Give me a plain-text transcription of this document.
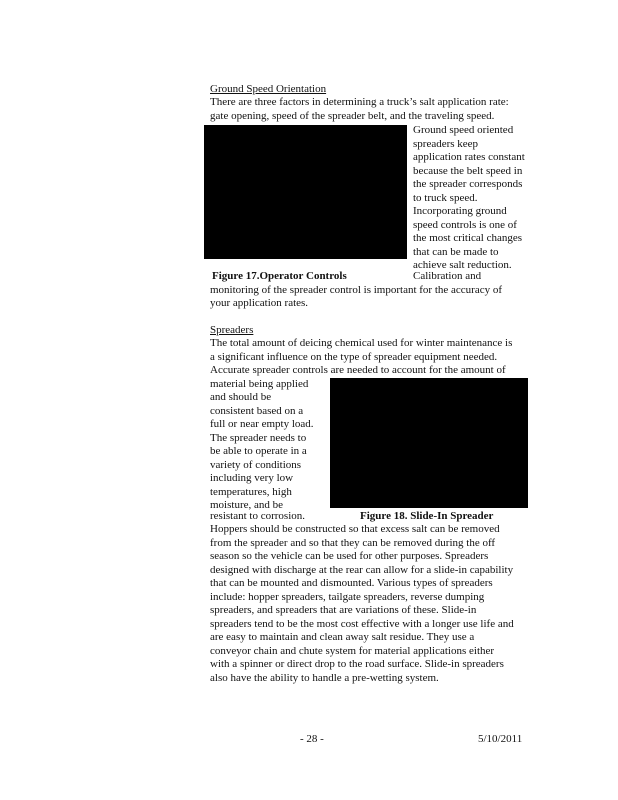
Ground Speed Orientation
There are three factors in determining a truck’s salt application rate:
gate opening, speed of the spreader belt, and the traveling speed.
Ground speed oriented
spreaders keep
application rates constant
because the belt speed in
the spreader corresponds
to truck speed.
Incorporating ground
speed controls is one of
the most critical changes
that can be made to
achieve salt reduction.
Calibration and
Figure 17.Operator Controls
monitoring of the spreader control is important for the accuracy of
your application rates.
Spreaders
The total amount of deicing chemical used for winter maintenance is
a significant influence on the type of spreader equipment needed.
Accurate spreader controls are needed to account for the amount of
material being applied
and should be
consistent based on a
full or near empty load.
The spreader needs to
be able to operate in a
variety of conditions
including very low
temperatures, high
moisture, and be
resistant to corrosion.	Figure 18. Slide-In Spreader
Hoppers should be constructed so that excess salt can be removed
from the spreader and so that they can be removed during the off
season so the vehicle can be used for other purposes. Spreaders
designed with discharge at the rear can allow for a slide-in capability
that can be mounted and dismounted. Various types of spreaders
include: hopper spreaders, tailgate spreaders, reverse dumping
spreaders, and spreaders that are variations of these. Slide-in
spreaders tend to be the most cost effective with a longer use life and
are easy to maintain and clean away salt residue. They use a
conveyor chain and chute system for material applications either
with a spinner or direct drop to the road surface. Slide-in spreaders
also have the ability to handle a pre-wetting system.
- 28 -	5/10/2011
